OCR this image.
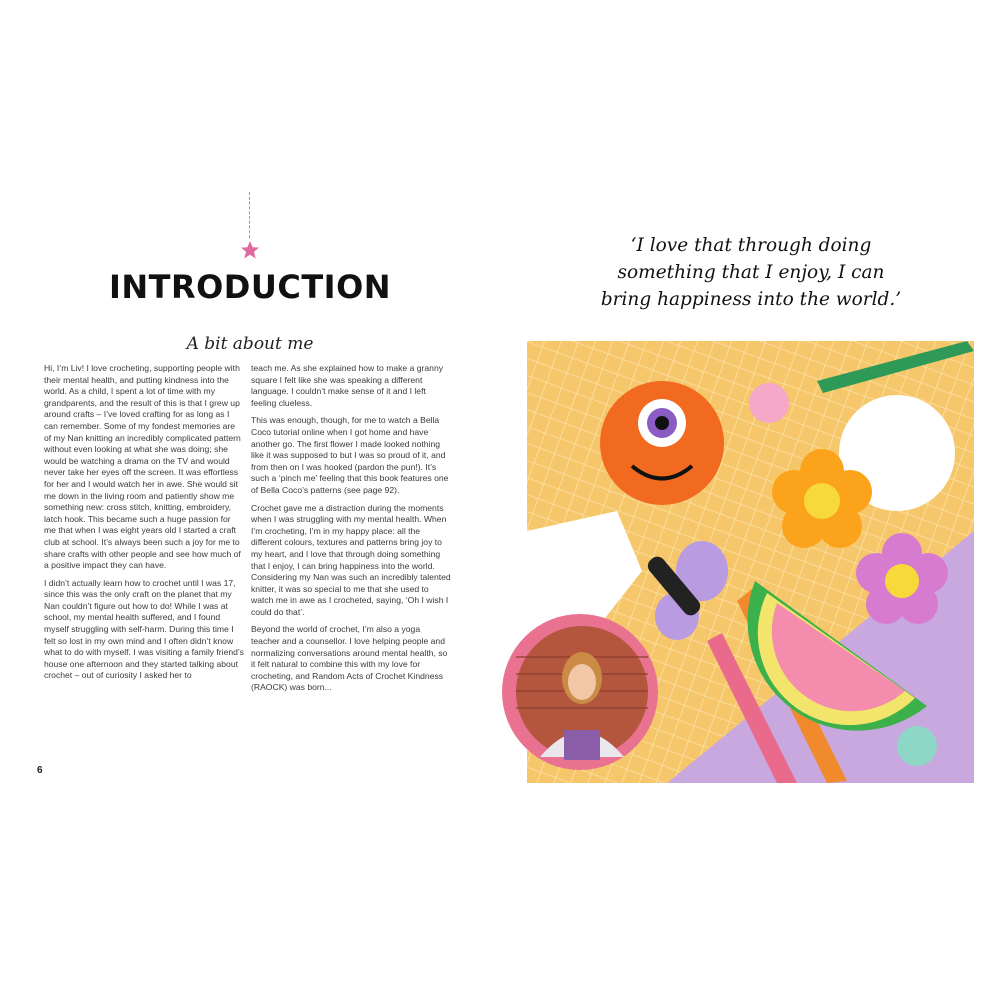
INTRODUCTION
A bit about me

Hi, I’m Liv! I love crocheting, supporting people with their mental health, and putting kindness into the world. As a child, I spent a lot of time with my grandparents, and the result of this is that I grew up around crafts – I’ve loved crafting for as long as I can remember. Some of my fondest memories are of my Nan knitting an incredibly complicated pattern without even looking at what she was doing; she would be watching a drama on the TV and would never take her eyes off the screen. It was effortless for her and I would watch her in awe. She would sit me down in the living room and patiently show me something new: cross stitch, knitting, embroidery, latch hook. This became such a huge passion for me that when I was eight years old I started a craft club at school. It’s always been such a joy for me to share crafts with other people and see how much of a positive impact they can have.

I didn’t actually learn how to crochet until I was 17, since this was the only craft on the planet that my Nan couldn’t figure out how to do! While I was at school, my mental health suffered, and I found myself struggling with self-harm. During this time I felt so lost in my own mind and I often didn’t know what to do with myself. I was visiting a family friend’s house one afternoon and they started talking about crochet – out of curiosity I asked her to

teach me. As she explained how to make a granny square I felt like she was speaking a different language. I couldn’t make sense of it and I left feeling clueless.

This was enough, though, for me to watch a Bella Coco tutorial online when I got home and have another go. The first flower I made looked nothing like it was supposed to but I was so proud of it, and from then on I was hooked (pardon the pun!). It’s such a ‘pinch me’ feeling that this book features one of Bella Coco’s patterns (see page 92).

Crochet gave me a distraction during the moments when I was struggling with my mental health. When I’m crocheting, I’m in my happy place: all the different colours, textures and patterns bring joy to my heart, and I love that through doing something that I enjoy, I can bring happiness into the world. Considering my Nan was such an incredibly talented knitter, it was so special to me that she used to watch me in awe as I crocheted, saying, ‘Oh I wish I could do that’.

Beyond the world of crochet, I’m also a yoga teacher and a counsellor. I love helping people and normalizing conversations around mental health, so it felt natural to combine this with my love for crocheting, and Random Acts of Crochet Kindness (RAOCK) was born...

6
‘I love that through doing
something that I enjoy, I can
bring happiness into the world.’
